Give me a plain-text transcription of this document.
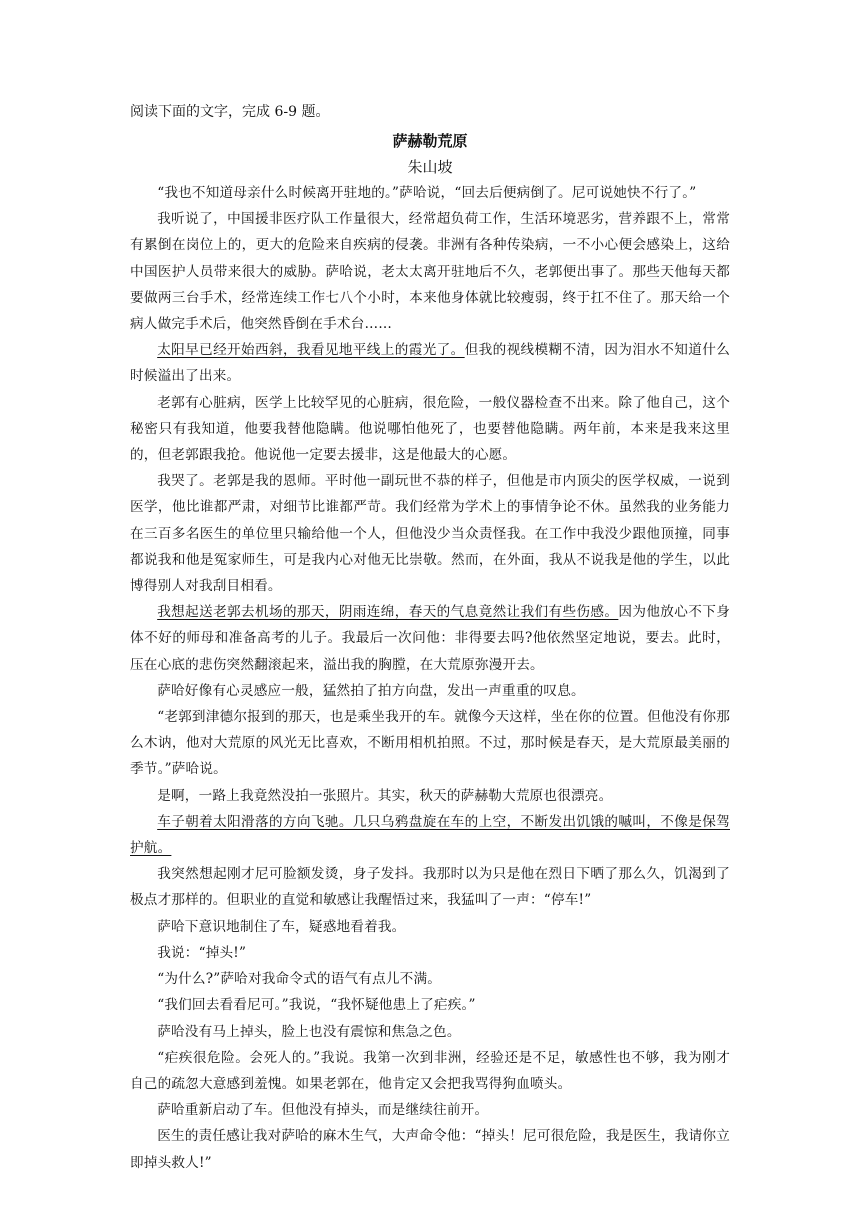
阅读下面的文字，完成 6-9 题。

萨赫勒荒原

朱山坡

“我也不知道母亲什么时候离开驻地的。”萨哈说，“回去后便病倒了。尼可说她快不行了。”

我听说了，中国援非医疗队工作量很大，经常超负荷工作，生活环境恶劣，营养跟不上，常常有累倒在岗位上的，更大的危险来自疾病的侵袭。非洲有各种传染病，一不小心便会感染上，这给中国医护人员带来很大的威胁。萨哈说，老太太离开驻地后不久，老郭便出事了。那些天他每天都要做两三台手术，经常连续工作七八个小时，本来他身体就比较瘦弱，终于扛不住了。那天给一个病人做完手术后，他突然昏倒在手术台……

太阳早已经开始西斜，我看见地平线上的霞光了。但我的视线模糊不清，因为泪水不知道什么时候溢出了出来。

老郭有心脏病，医学上比较罕见的心脏病，很危险，一般仪器检查不出来。除了他自己，这个秘密只有我知道，他要我替他隐瞒。他说哪怕他死了，也要替他隐瞒。两年前，本来是我来这里的，但老郭跟我抢。他说他一定要去援非，这是他最大的心愿。

我哭了。老郭是我的恩师。平时他一副玩世不恭的样子，但他是市内顶尖的医学权威，一说到医学，他比谁都严肃，对细节比谁都严苛。我们经常为学术上的事情争论不休。虽然我的业务能力在三百多名医生的单位里只输给他一个人，但他没少当众责怪我。在工作中我没少跟他顶撞，同事都说我和他是冤家师生，可是我内心对他无比崇敬。然而，在外面，我从不说我是他的学生，以此博得别人对我刮目相看。

我想起送老郭去机场的那天，阴雨连绵，春天的气息竟然让我们有些伤感。因为他放心不下身体不好的师母和准备高考的儿子。我最后一次问他：非得要去吗?他依然坚定地说，要去。此时，压在心底的悲伤突然翻滚起来，溢出我的胸膛，在大荒原弥漫开去。

萨哈好像有心灵感应一般，猛然拍了拍方向盘，发出一声重重的叹息。

“老郭到津德尔报到的那天，也是乘坐我开的车。就像今天这样，坐在你的位置。但他没有你那么木讷，他对大荒原的风光无比喜欢，不断用相机拍照。不过，那时候是春天，是大荒原最美丽的季节。”萨哈说。

是啊，一路上我竟然没拍一张照片。其实，秋天的萨赫勒大荒原也很漂亮。

车子朝着太阳滑落的方向飞驰。几只乌鸦盘旋在车的上空，不断发出饥饿的嘁叫，不像是保驾护航。

我突然想起刚才尼可脸额发烫，身子发抖。我那时以为只是他在烈日下晒了那么久，饥渴到了极点才那样的。但职业的直觉和敏感让我醒悟过来，我猛叫了一声：“停车!”

萨哈下意识地制住了车，疑惑地看着我。

我说：“掉头!”

“为什么?”萨哈对我命令式的语气有点儿不满。

“我们回去看看尼可。”我说，“我怀疑他患上了疟疾。”

萨哈没有马上掉头，脸上也没有震惊和焦急之色。

“疟疾很危险。会死人的。”我说。我第一次到非洲，经验还是不足，敏感性也不够，我为刚才自己的疏忽大意感到羞愧。如果老郭在，他肯定又会把我骂得狗血喷头。

萨哈重新启动了车。但他没有掉头，而是继续往前开。

医生的责任感让我对萨哈的麻木生气，大声命令他：“掉头！尼可很危险，我是医生，我请你立即掉头救人!”
